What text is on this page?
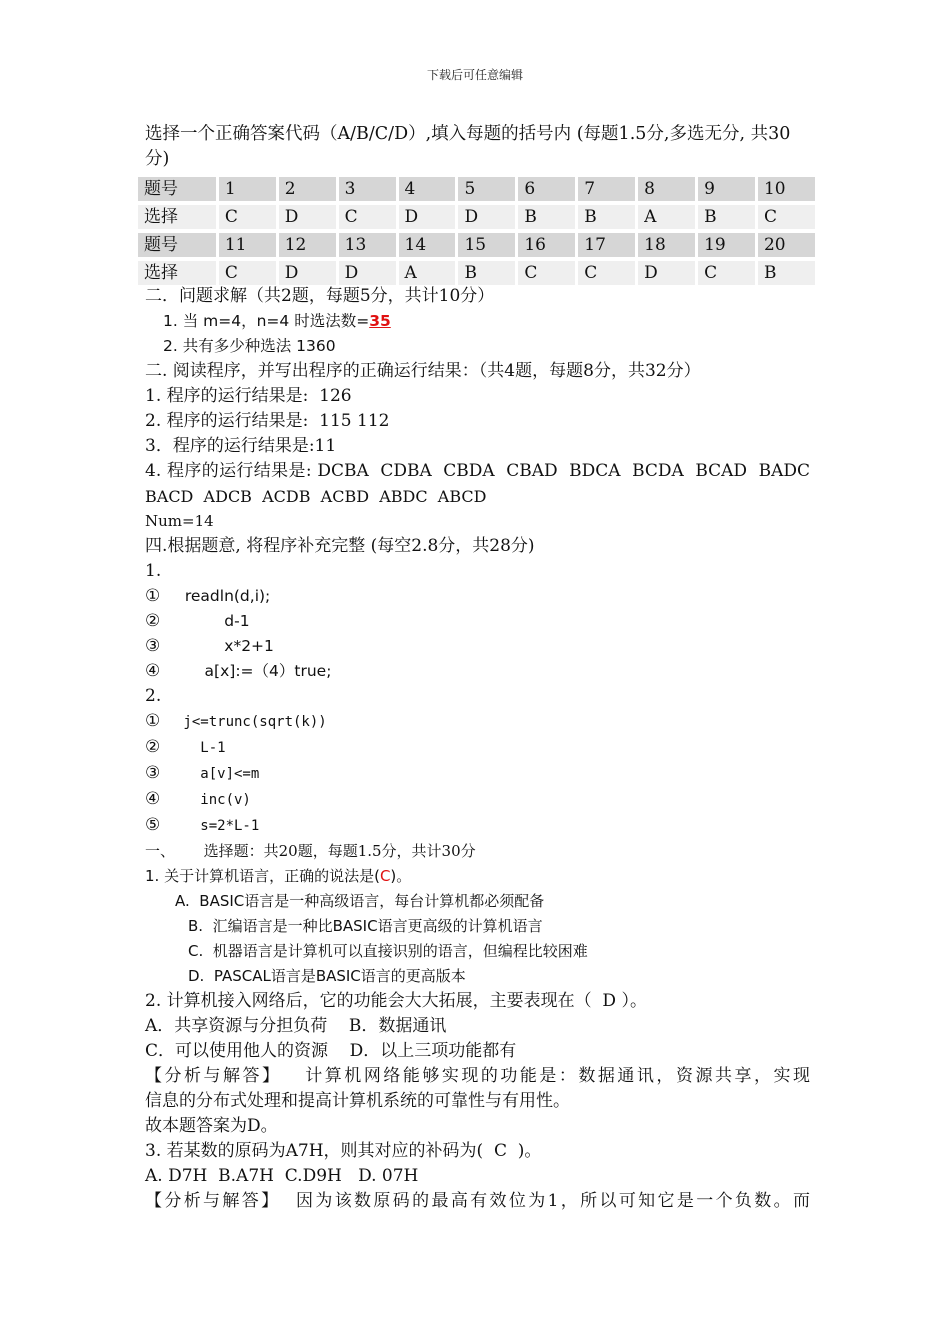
下载后可任意编辑
选择一个正确答案代码（A/B/C/D）,填入每题的括号内 (每题1.5分,多选无分, 共30分)
题号	1	2	3	4	5	6	7	8	9	10
选择	C	D	C	D	D	B	B	A	B	C
题号	11	12	13	14	15	16	17	18	19	20
选择	C	D	D	A	B	C	C	D	C	B
二．问题求解（共2题，每题5分，共计10分）
1. 当 m=4，n=4 时选法数=35
2. 共有多少种选法 1360
二. 阅读程序，并写出程序的正确运行结果：（共4题，每题8分，共32分）
1. 程序的运行结果是:  126
2. 程序的运行结果是:  115 112
3．程序的运行结果是:11
4. 程序的运行结果是: DCBA  CDBA  CBDA  CBAD  BDCA  BCDA  BCAD  BADC
BACD  ADCB  ACDB  ACBD  ABDC  ABCD
Num=14
四.根据题意, 将程序补充完整 (每空2.8分，共28分)
1.
①  readln(d,i);
②          d-1
③          x*2+1
④      a[x]:=（4）true;
2.
① j<=trunc(sqrt(k))
②   L-1
③   a[v]<=m
④   inc(v)
⑤   s=2*L-1
一、      选择题：共20题，每题1.5分，共计30分
1. 关于计算机语言，正确的说法是(C)。
A.  BASIC语言是一种高级语言，每台计算机都必须配备
B.  汇编语言是一种比BASIC语言更高级的计算机语言
C.  机器语言是计算机可以直接识别的语言，但编程比较困难
D.  PASCAL语言是BASIC语言的更高版本
2. 计算机接入网络后，它的功能会大大拓展，主要表现在（  D ）。
A．共享资源与分担负荷    B．数据通讯
C．可以使用他人的资源    D．以上三项功能都有
【分析与解答】   计算机网络能够实现的功能是：数据通讯，资源共享，实现
信息的分布式处理和提高计算机系统的可靠性与有用性。
故本题答案为D。
3. 若某数的原码为A7H，则其对应的补码为(  C  )。
A. D7H  B.A7H  C.D9H   D. 07H
【分析与解答】  因为该数原码的最高有效位为1，所以可知它是一个负数。而
